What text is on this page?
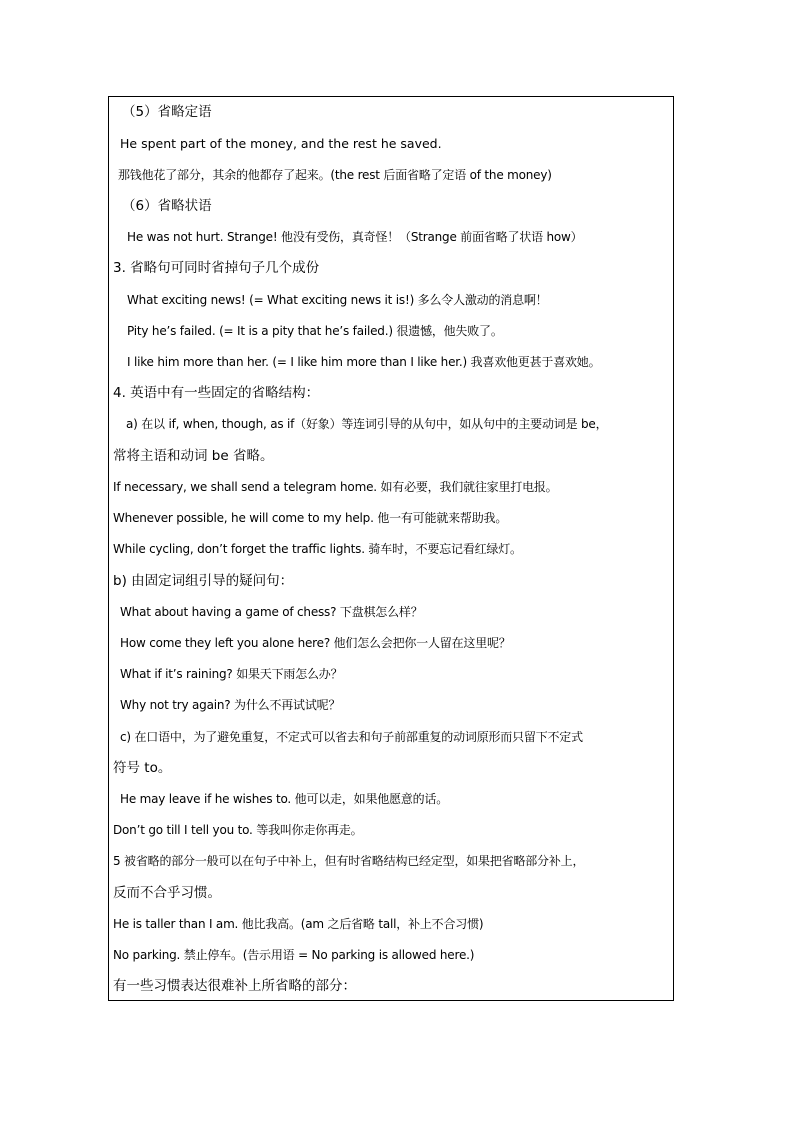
（5）省略定语
He spent part of the money, and the rest he saved.
那钱他花了部分，其余的他都存了起来。(the rest 后面省略了定语 of the money)
（6）省略状语
He was not hurt. Strange! 他没有受伤，真奇怪！（Strange 前面省略了状语 how）
3. 省略句可同时省掉句子几个成份
What exciting news! (= What exciting news it is!) 多么令人激动的消息啊！
Pity he’s failed. (= It is a pity that he’s failed.) 很遗憾，他失败了。
I like him more than her. (= I like him more than I like her.) 我喜欢他更甚于喜欢她。
4. 英语中有一些固定的省略结构：
a) 在以 if, when, though, as if（好象）等连词引导的从句中，如从句中的主要动词是 be，
常将主语和动词 be 省略。
If necessary, we shall send a telegram home. 如有必要，我们就往家里打电报。
Whenever possible, he will come to my help. 他一有可能就来帮助我。
While cycling, don’t forget the traffic lights. 骑车时，不要忘记看红绿灯。
b) 由固定词组引导的疑问句：
What about having a game of chess? 下盘棋怎么样？
How come they left you alone here? 他们怎么会把你一人留在这里呢？
What if it’s raining? 如果天下雨怎么办？
Why not try again? 为什么不再试试呢？
c) 在口语中，为了避免重复，不定式可以省去和句子前部重复的动词原形而只留下不定式
符号 to。
He may leave if he wishes to. 他可以走，如果他愿意的话。
Don’t go till I tell you to. 等我叫你走你再走。
5 被省略的部分一般可以在句子中补上，但有时省略结构已经定型，如果把省略部分补上，
反而不合乎习惯。
He is taller than I am. 他比我高。(am 之后省略 tall，补上不合习惯)
No parking. 禁止停车。(告示用语 = No parking is allowed here.)
有一些习惯表达很难补上所省略的部分：
